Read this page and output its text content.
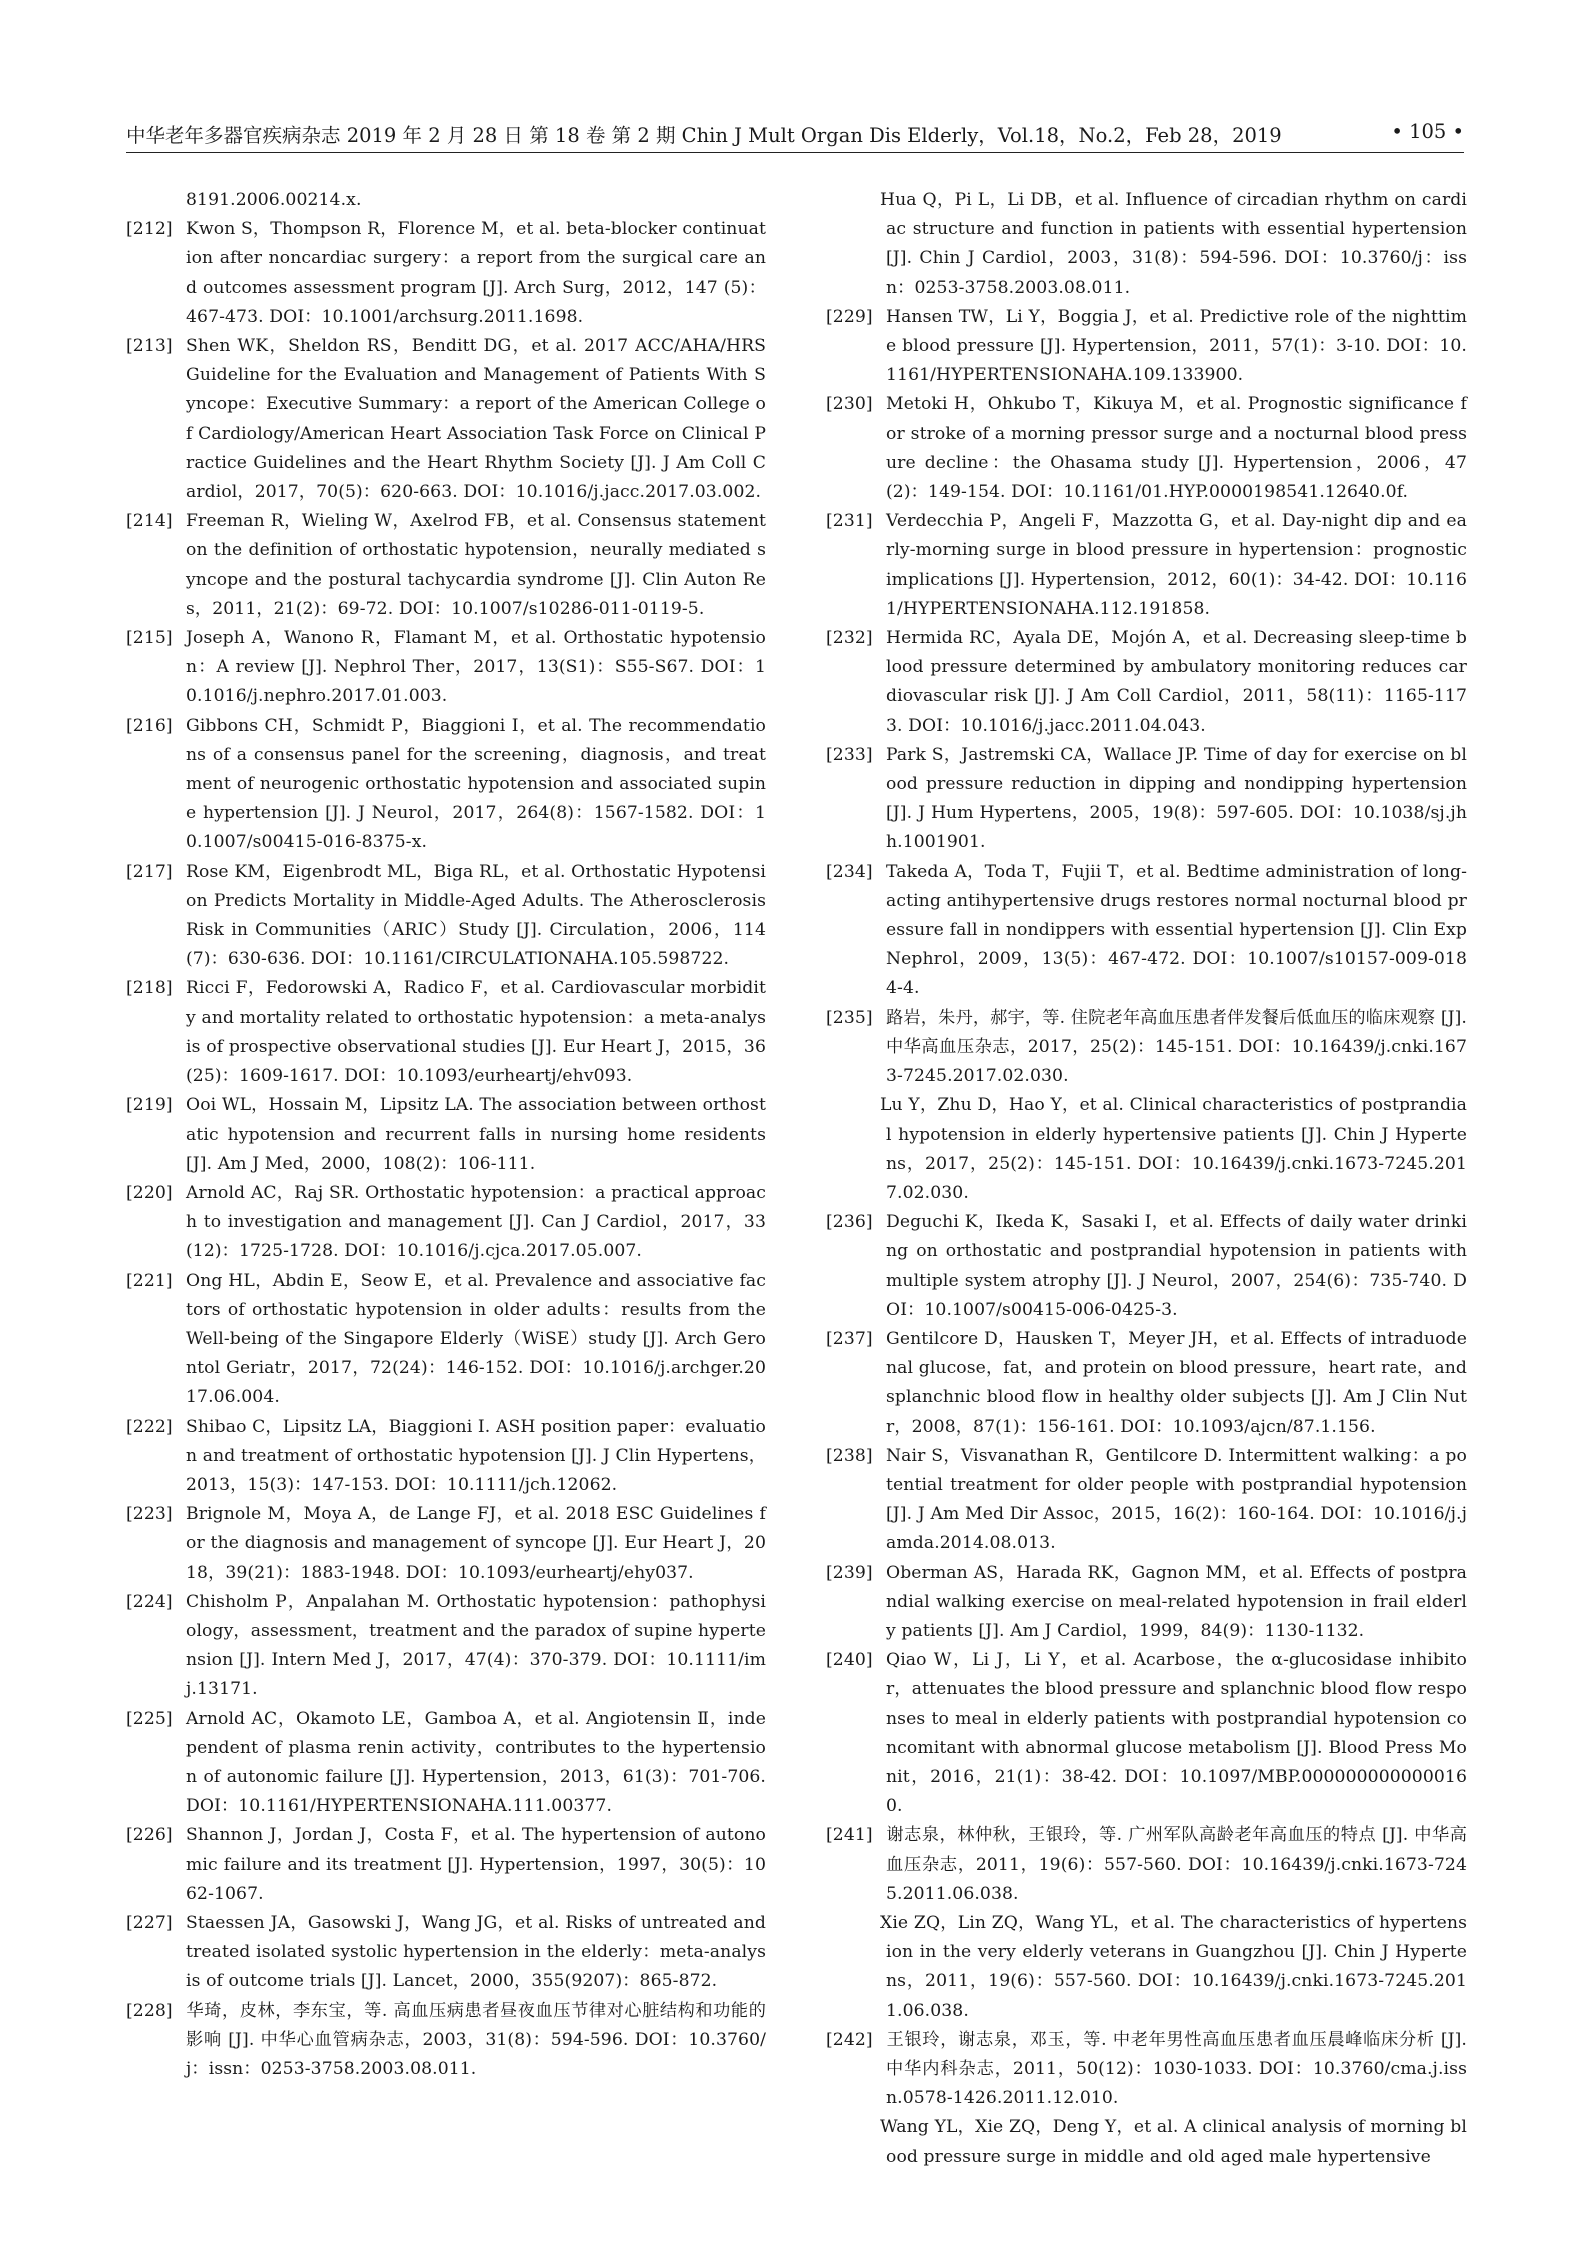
中华老年多器官疾病杂志 2019 年 2 月 28 日 第 18 卷 第 2 期 Chin J Mult Organ Dis Elderly，Vol.18，No.2，Feb 28，2019	• 105 •

8191.2006.00214.x.

[212] Kwon S，Thompson R，Florence M，et al. beta-blocker continuation after noncardiac surgery：a report from the surgical care and outcomes assessment program [J]. Arch Surg，2012，147 (5)：467-473. DOI：10.1001/archsurg.2011.1698.

[213] Shen WK，Sheldon RS，Benditt DG，et al. 2017 ACC/AHA/HRS Guideline for the Evaluation and Management of Patients With Syncope：Executive Summary：a report of the American College of Cardiology/American Heart Association Task Force on Clinical Practice Guidelines and the Heart Rhythm Society [J]. J Am Coll Cardiol，2017，70(5)：620-663. DOI：10.1016/j.jacc.2017.03.002.

[214] Freeman R，Wieling W，Axelrod FB，et al. Consensus statement on the definition of orthostatic hypotension，neurally mediated syncope and the postural tachycardia syndrome [J]. Clin Auton Res，2011，21(2)：69-72. DOI：10.1007/s10286-011-0119-5.

[215] Joseph A，Wanono R，Flamant M，et al. Orthostatic hypotension：A review [J]. Nephrol Ther，2017，13(S1)：S55-S67. DOI：10.1016/j.nephro.2017.01.003.

[216] Gibbons CH，Schmidt P，Biaggioni I，et al. The recommendations of a consensus panel for the screening，diagnosis，and treatment of neurogenic orthostatic hypotension and associated supine hypertension [J]. J Neurol，2017，264(8)：1567-1582. DOI：10.1007/s00415-016-8375-x.

[217] Rose KM，Eigenbrodt ML，Biga RL，et al. Orthostatic Hypotension Predicts Mortality in Middle-Aged Adults. The Atherosclerosis Risk in Communities（ARIC）Study [J]. Circulation，2006，114(7)：630-636. DOI：10.1161/CIRCULATIONAHA.105.598722.

[218] Ricci F，Fedorowski A，Radico F，et al. Cardiovascular morbidity and mortality related to orthostatic hypotension：a meta-analysis of prospective observational studies [J]. Eur Heart J，2015，36(25)：1609-1617. DOI：10.1093/eurheartj/ehv093.

[219] Ooi WL，Hossain M，Lipsitz LA. The association between orthostatic hypotension and recurrent falls in nursing home residents [J]. Am J Med，2000，108(2)：106-111.

[220] Arnold AC，Raj SR. Orthostatic hypotension：a practical approach to investigation and management [J]. Can J Cardiol，2017，33(12)：1725-1728. DOI：10.1016/j.cjca.2017.05.007.

[221] Ong HL，Abdin E，Seow E，et al. Prevalence and associative factors of orthostatic hypotension in older adults：results from the Well-being of the Singapore Elderly（WiSE）study [J]. Arch Gerontol Geriatr，2017，72(24)：146-152. DOI：10.1016/j.archger.2017.06.004.

[222] Shibao C，Lipsitz LA，Biaggioni I. ASH position paper：evaluation and treatment of orthostatic hypotension [J]. J Clin Hypertens，2013，15(3)：147-153. DOI：10.1111/jch.12062.

[223] Brignole M，Moya A，de Lange FJ，et al. 2018 ESC Guidelines for the diagnosis and management of syncope [J]. Eur Heart J，2018，39(21)：1883-1948. DOI：10.1093/eurheartj/ehy037.

[224] Chisholm P，Anpalahan M. Orthostatic hypotension：pathophysiology，assessment，treatment and the paradox of supine hypertension [J]. Intern Med J，2017，47(4)：370-379. DOI：10.1111/imj.13171.

[225] Arnold AC，Okamoto LE，Gamboa A，et al. Angiotensin Ⅱ，independent of plasma renin activity，contributes to the hypertension of autonomic failure [J]. Hypertension，2013，61(3)：701-706. DOI：10.1161/HYPERTENSIONAHA.111.00377.

[226] Shannon J，Jordan J，Costa F，et al. The hypertension of autonomic failure and its treatment [J]. Hypertension，1997，30(5)：1062-1067.

[227] Staessen JA，Gasowski J，Wang JG，et al. Risks of untreated and treated isolated systolic hypertension in the elderly：meta-analysis of outcome trials [J]. Lancet，2000，355(9207)：865-872.

[228] 华琦，皮林，李东宝，等. 高血压病患者昼夜血压节律对心脏结构和功能的影响 [J]. 中华心血管病杂志，2003，31(8)：594-596. DOI：10.3760/j：issn：0253-3758.2003.08.011.

Hua Q，Pi L，Li DB，et al. Influence of circadian rhythm on cardiac structure and function in patients with essential hypertension [J]. Chin J Cardiol，2003，31(8)：594-596. DOI：10.3760/j：issn：0253-3758.2003.08.011.

[229] Hansen TW，Li Y，Boggia J，et al. Predictive role of the nighttime blood pressure [J]. Hypertension，2011，57(1)：3-10. DOI：10.1161/HYPERTENSIONAHA.109.133900.

[230] Metoki H，Ohkubo T，Kikuya M，et al. Prognostic significance for stroke of a morning pressor surge and a nocturnal blood pressure decline：the Ohasama study [J]. Hypertension，2006，47(2)：149-154. DOI：10.1161/01.HYP.0000198541.12640.0f.

[231] Verdecchia P，Angeli F，Mazzotta G，et al. Day-night dip and early-morning surge in blood pressure in hypertension：prognostic implications [J]. Hypertension，2012，60(1)：34-42. DOI：10.1161/HYPERTENSIONAHA.112.191858.

[232] Hermida RC，Ayala DE，Mojón A，et al. Decreasing sleep-time blood pressure determined by ambulatory monitoring reduces cardiovascular risk [J]. J Am Coll Cardiol，2011，58(11)：1165-1173. DOI：10.1016/j.jacc.2011.04.043.

[233] Park S，Jastremski CA，Wallace JP. Time of day for exercise on blood pressure reduction in dipping and nondipping hypertension [J]. J Hum Hypertens，2005，19(8)：597-605. DOI：10.1038/sj.jhh.1001901.

[234] Takeda A，Toda T，Fujii T，et al. Bedtime administration of long-acting antihypertensive drugs restores normal nocturnal blood pressure fall in nondippers with essential hypertension [J]. Clin Exp Nephrol，2009，13(5)：467-472. DOI：10.1007/s10157-009-0184-4.

[235] 路岩，朱丹，郝宇，等. 住院老年高血压患者伴发餐后低血压的临床观察 [J]. 中华高血压杂志，2017，25(2)：145-151. DOI：10.16439/j.cnki.1673-7245.2017.02.030.

Lu Y，Zhu D，Hao Y，et al. Clinical characteristics of postprandial hypotension in elderly hypertensive patients [J]. Chin J Hypertens，2017，25(2)：145-151. DOI：10.16439/j.cnki.1673-7245.2017.02.030.

[236] Deguchi K，Ikeda K，Sasaki I，et al. Effects of daily water drinking on orthostatic and postprandial hypotension in patients with multiple system atrophy [J]. J Neurol，2007，254(6)：735-740. DOI：10.1007/s00415-006-0425-3.

[237] Gentilcore D，Hausken T，Meyer JH，et al. Effects of intraduodenal glucose，fat，and protein on blood pressure，heart rate，and splanchnic blood flow in healthy older subjects [J]. Am J Clin Nutr，2008，87(1)：156-161. DOI：10.1093/ajcn/87.1.156.

[238] Nair S，Visvanathan R，Gentilcore D. Intermittent walking：a potential treatment for older people with postprandial hypotension [J]. J Am Med Dir Assoc，2015，16(2)：160-164. DOI：10.1016/j.jamda.2014.08.013.

[239] Oberman AS，Harada RK，Gagnon MM，et al. Effects of postprandial walking exercise on meal-related hypotension in frail elderly patients [J]. Am J Cardiol，1999，84(9)：1130-1132.

[240] Qiao W，Li J，Li Y，et al. Acarbose，the α-glucosidase inhibitor，attenuates the blood pressure and splanchnic blood flow responses to meal in elderly patients with postprandial hypotension concomitant with abnormal glucose metabolism [J]. Blood Press Monit，2016，21(1)：38-42. DOI：10.1097/MBP.0000000000000160.

[241] 谢志泉，林仲秋，王银玲，等. 广州军队高龄老年高血压的特点 [J]. 中华高血压杂志，2011，19(6)：557-560. DOI：10.16439/j.cnki.1673-7245.2011.06.038.

Xie ZQ，Lin ZQ，Wang YL，et al. The characteristics of hypertension in the very elderly veterans in Guangzhou [J]. Chin J Hypertens，2011，19(6)：557-560. DOI：10.16439/j.cnki.1673-7245.2011.06.038.

[242] 王银玲，谢志泉，邓玉，等. 中老年男性高血压患者血压晨峰临床分析 [J]. 中华内科杂志，2011，50(12)：1030-1033. DOI：10.3760/cma.j.issn.0578-1426.2011.12.010.

Wang YL，Xie ZQ，Deng Y，et al. A clinical analysis of morning blood pressure surge in middle and old aged male hypertensive
